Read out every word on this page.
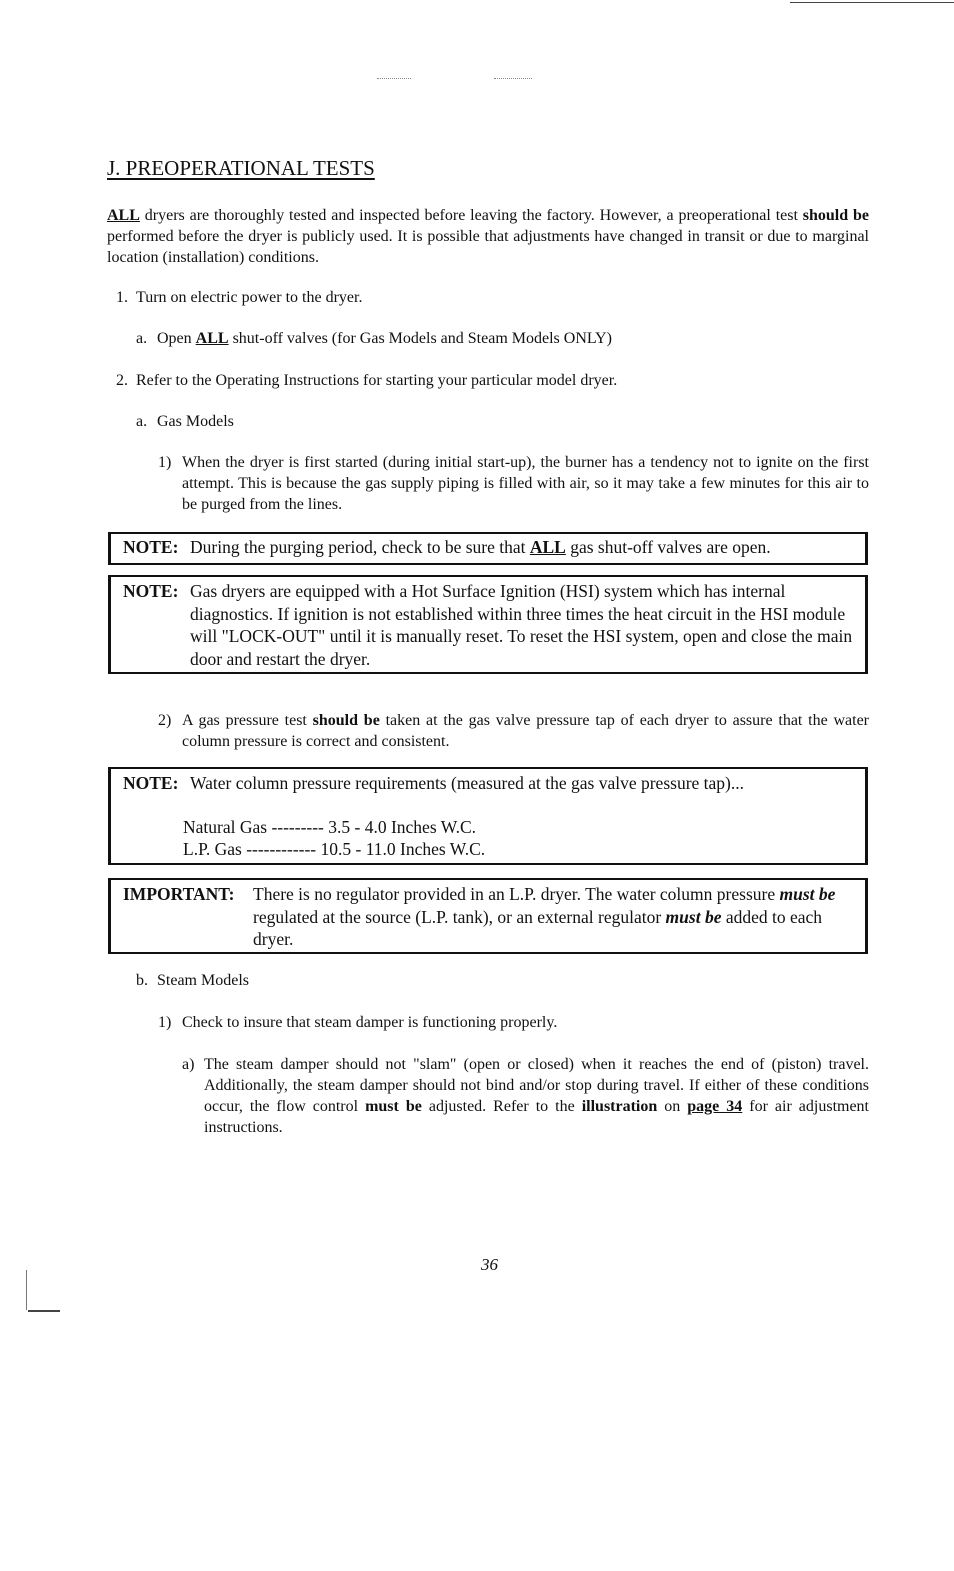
J. PREOPERATIONAL TESTS
ALL dryers are thoroughly tested and inspected before leaving the factory. However, a preoperational test should be performed before the dryer is publicly used. It is possible that adjustments have changed in transit or due to marginal location (installation) conditions.
1. Turn on electric power to the dryer.
a. Open ALL shut-off valves (for Gas Models and Steam Models ONLY)
2. Refer to the Operating Instructions for starting your particular model dryer.
a. Gas Models
1) When the dryer is first started (during initial start-up), the burner has a tendency not to ignite on the first attempt. This is because the gas supply piping is filled with air, so it may take a few minutes for this air to be purged from the lines.
NOTE: During the purging period, check to be sure that ALL gas shut-off valves are open.
NOTE: Gas dryers are equipped with a Hot Surface Ignition (HSI) system which has internal diagnostics. If ignition is not established within three times the heat circuit in the HSI module will "LOCK-OUT" until it is manually reset. To reset the HSI system, open and close the main door and restart the dryer.
2) A gas pressure test should be taken at the gas valve pressure tap of each dryer to assure that the water column pressure is correct and consistent.
NOTE: Water column pressure requirements (measured at the gas valve pressure tap)...
Natural Gas --------- 3.5 - 4.0 Inches W.C.
L.P. Gas ------------ 10.5 - 11.0 Inches W.C.
IMPORTANT: There is no regulator provided in an L.P. dryer. The water column pressure must be regulated at the source (L.P. tank), or an external regulator must be added to each dryer.
b. Steam Models
1) Check to insure that steam damper is functioning properly.
a) The steam damper should not "slam" (open or closed) when it reaches the end of (piston) travel. Additionally, the steam damper should not bind and/or stop during travel. If either of these conditions occur, the flow control must be adjusted. Refer to the illustration on page 34 for air adjustment instructions.
36
